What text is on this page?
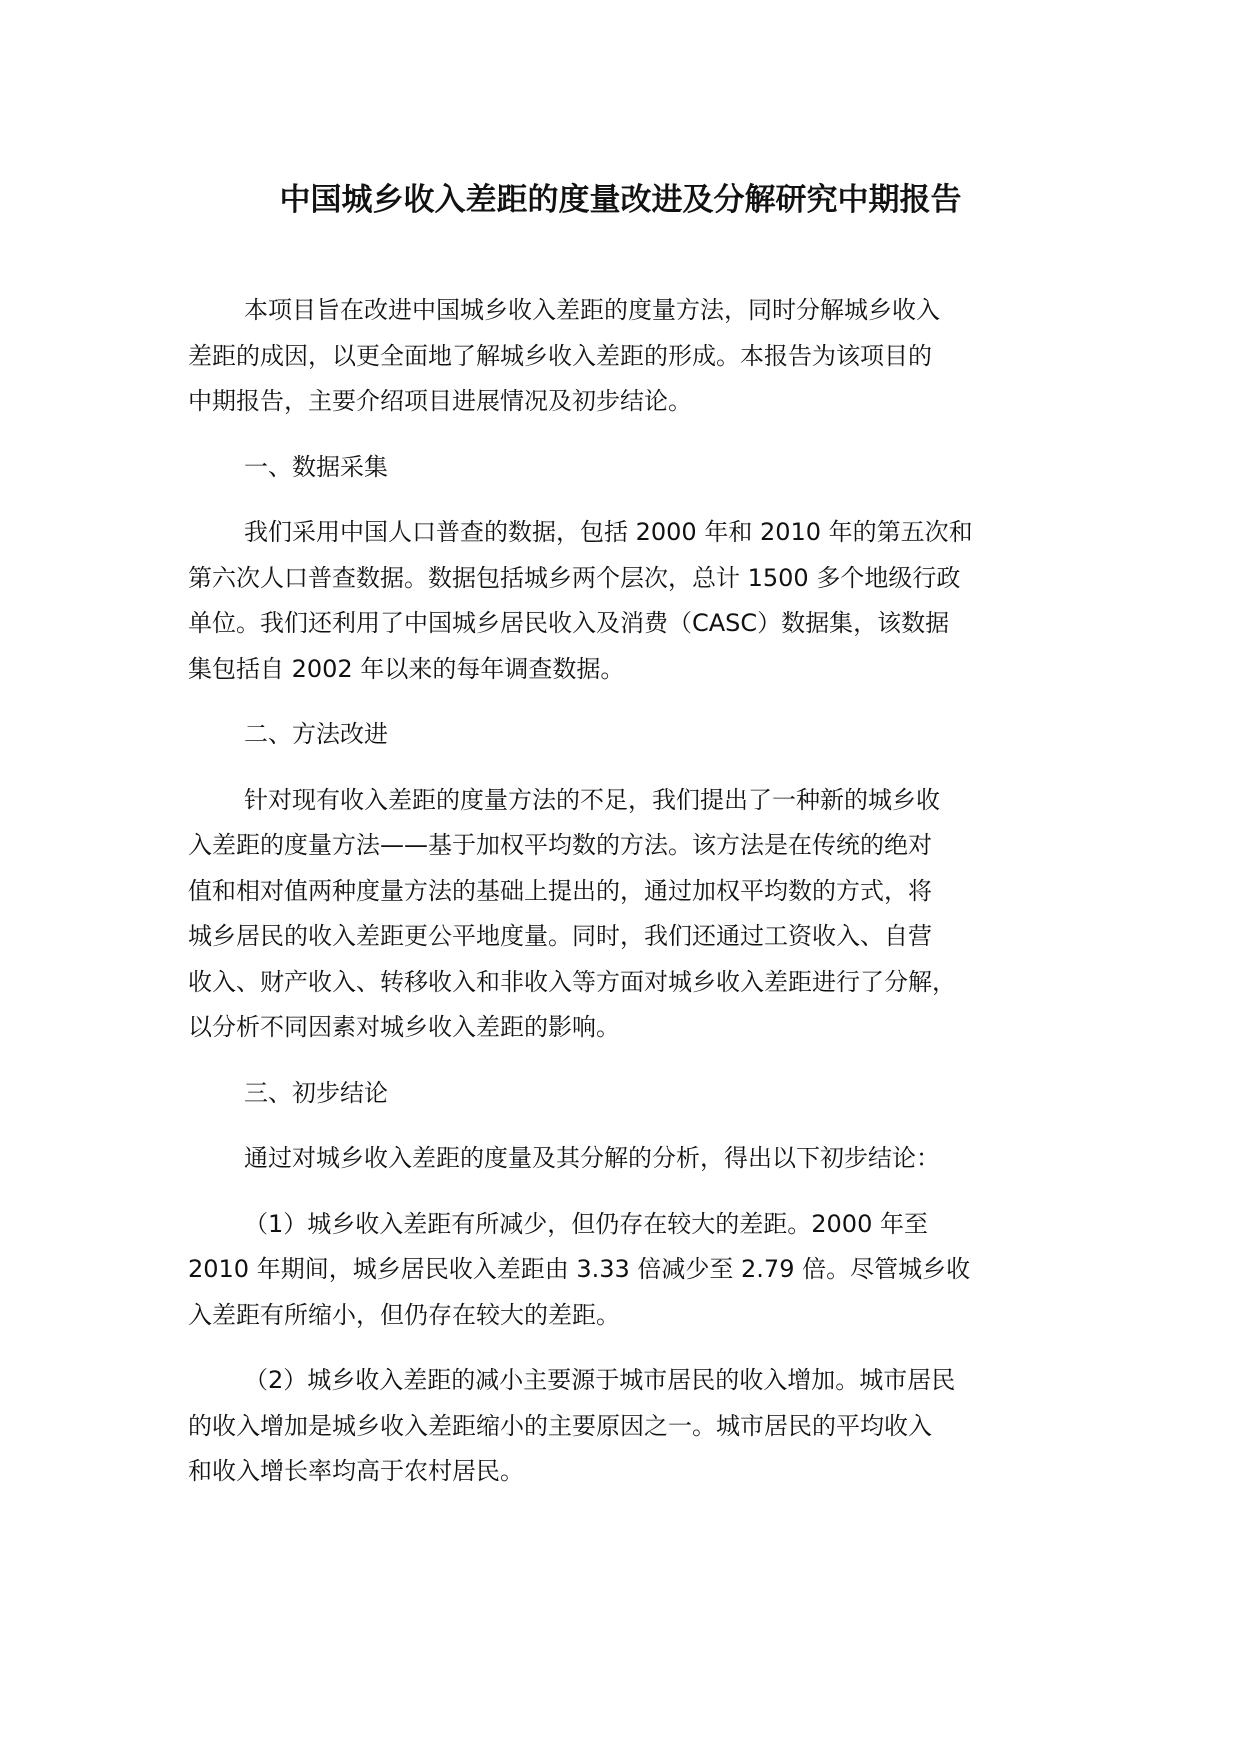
中国城乡收入差距的度量改进及分解研究中期报告

本项目旨在改进中国城乡收入差距的度量方法，同时分解城乡收入
差距的成因，以更全面地了解城乡收入差距的形成。本报告为该项目的
中期报告，主要介绍项目进展情况及初步结论。

一、数据采集

我们采用中国人口普查的数据，包括 2000 年和 2010 年的第五次和
第六次人口普查数据。数据包括城乡两个层次，总计 1500 多个地级行政
单位。我们还利用了中国城乡居民收入及消费（CASC）数据集，该数据
集包括自 2002 年以来的每年调查数据。

二、方法改进

针对现有收入差距的度量方法的不足，我们提出了一种新的城乡收
入差距的度量方法——基于加权平均数的方法。该方法是在传统的绝对
值和相对值两种度量方法的基础上提出的，通过加权平均数的方式，将
城乡居民的收入差距更公平地度量。同时，我们还通过工资收入、自营
收入、财产收入、转移收入和非收入等方面对城乡收入差距进行了分解，
以分析不同因素对城乡收入差距的影响。

三、初步结论

通过对城乡收入差距的度量及其分解的分析，得出以下初步结论：

（1）城乡收入差距有所减少，但仍存在较大的差距。2000 年至
2010 年期间，城乡居民收入差距由 3.33 倍减少至 2.79 倍。尽管城乡收
入差距有所缩小，但仍存在较大的差距。

（2）城乡收入差距的减小主要源于城市居民的收入增加。城市居民
的收入增加是城乡收入差距缩小的主要原因之一。城市居民的平均收入
和收入增长率均高于农村居民。
